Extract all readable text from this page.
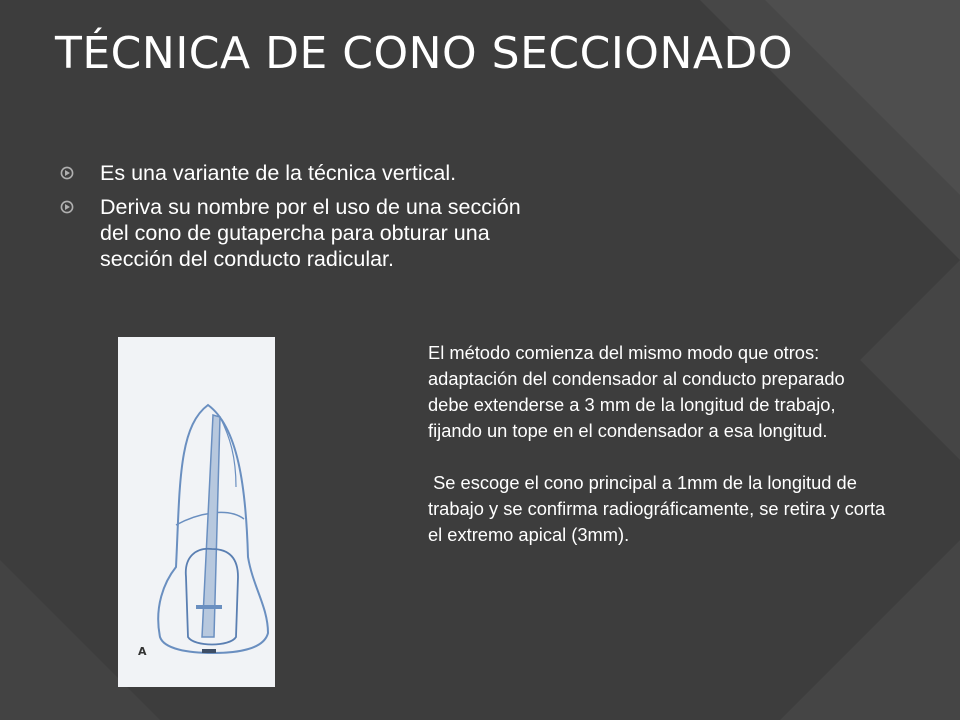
TÉCNICA DE CONO SECCIONADO
Es una variante de la técnica vertical.
Deriva su nombre por el uso de una sección del cono de gutapercha para obturar una sección del conducto radicular.
A

El método comienza del mismo modo que otros:

adaptación del condensador al conducto preparado debe extenderse a 3 mm de la longitud de trabajo, fijando un tope en el condensador a esa longitud.

Se escoge el cono principal a 1mm de la longitud de trabajo y se confirma radiográficamente, se retira y corta el extremo apical (3mm).
